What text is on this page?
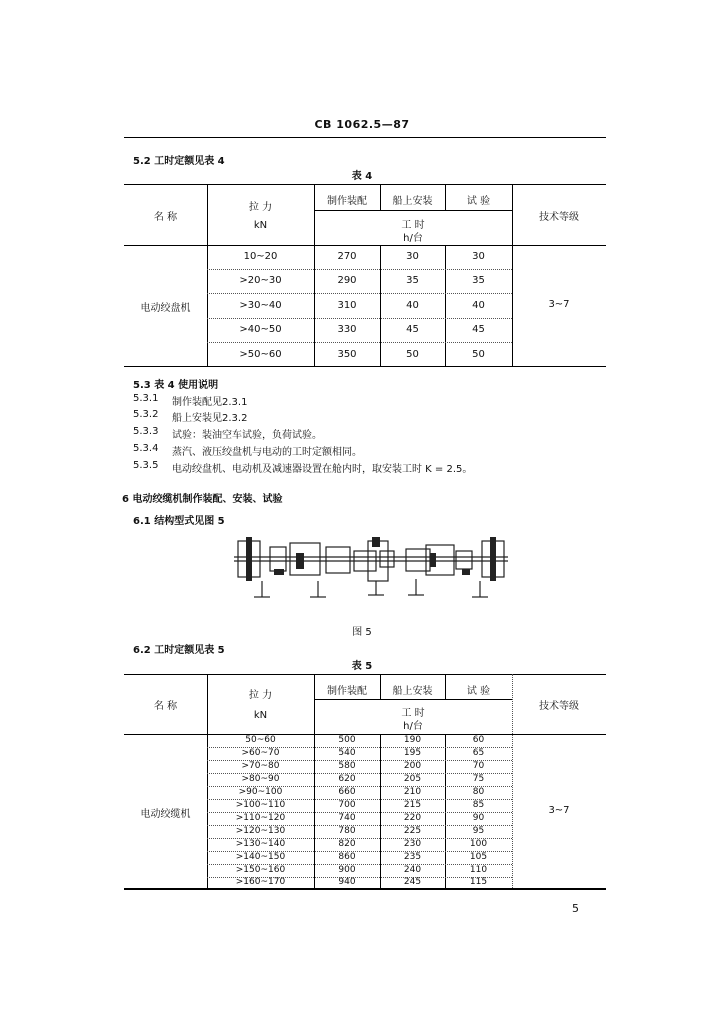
CB 1062.5—87
5.2 工时定额见表 4
表 4
名 称
拉 力
kN
制作装配	船上安装	试 验
工 时
h/台
技术等级
电动绞盘机	3~7
10~20	270	30	30
>20~30	290	35	35
>30~40	310	40	40
>40~50	330	45	45
>50~60	350	50	50
5.3 表 4 使用说明
5.3.1 制作装配见2.3.1
5.3.2 船上安装见2.3.2
5.3.3 试验：装油空车试验，负荷试验。
5.3.4 蒸汽、液压绞盘机与电动的工时定额相同。
5.3.5 电动绞盘机、电动机及减速器设置在舱内时，取安装工时 K = 2.5。
6 电动绞缆机制作装配、安装、试验
6.1 结构型式见图 5
图 5
6.2 工时定额见表 5
表 5
名 称
拉 力
kN
制作装配	船上安装	试 验
工 时
h/台
技术等级
电动绞缆机	3~7
50~60	500	190	60
>60~70	540	195	65
>70~80	580	200	70
>80~90	620	205	75
>90~100	660	210	80
>100~110	700	215	85
>110~120	740	220	90
>120~130	780	225	95
>130~140	820	230	100
>140~150	860	235	105
>150~160	900	240	110
>160~170	940	245	115
5
